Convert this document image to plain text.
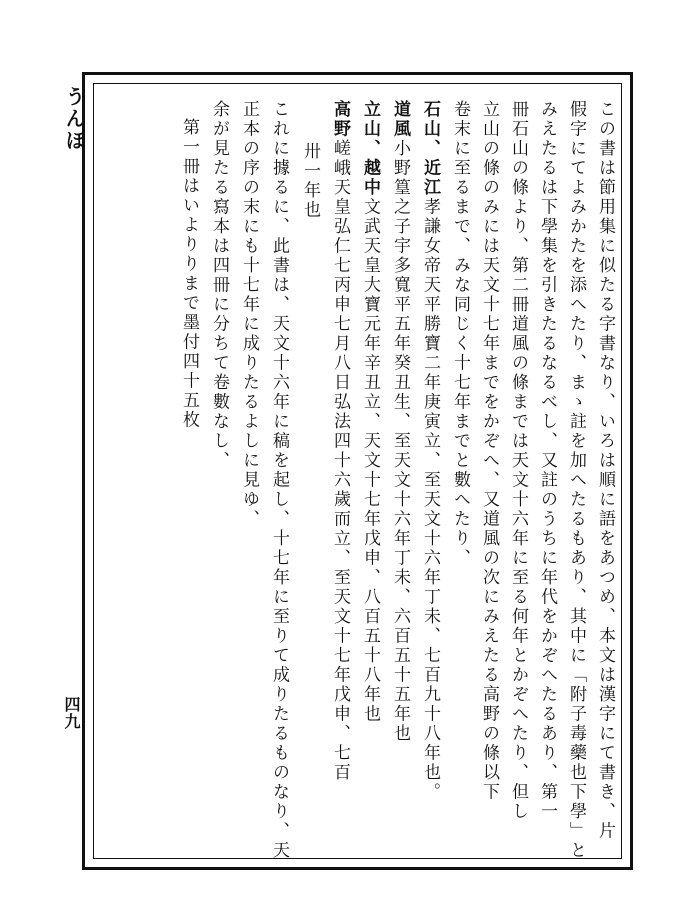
うんほ
四九	この書は節用集に似たる字書なり、いろは順に語をあつめ、本文は漢字にて書き、片

假字にてよみかたを添へたり、まゝ註を加へたるもあり、其中に「附子毒藥也下學」と

みえたるは下學集を引きたるなるべし、又註のうちに年代をかぞへたるあり、第一

冊石山の條より、第二冊道風の條までは天文十六年に至る何年とかぞへたり、但し

立山の條のみには天文十七年までをかぞへ、又道風の次にみえたる高野の條以下

卷末に至るまで、みな同じく十七年までと數へたり、

石山、近江孝謙女帝天平勝寶二年庚寅立、至天文十六年丁未、七百九十八年也。

道風小野篁之子宇多寬平五年癸丑生、至天文十六年丁未、六百五十五年也

立山、越中文武天皇大寶元年辛丑立、天文十七年戊申、八百五十八年也

高野嵯峨天皇弘仁七丙申七月八日弘法四十六歲而立、至天文十七年戊申、七百

卅一年也

これに據るに、此書は、天文十六年に稿を起し、十七年に至りて成りたるものなり、天

正本の序の末にも十七年に成りたるよしに見ゆ、

余が見たる寫本は四冊に分ちて卷數なし、

第一冊はいよりりまで墨付四十五枚
